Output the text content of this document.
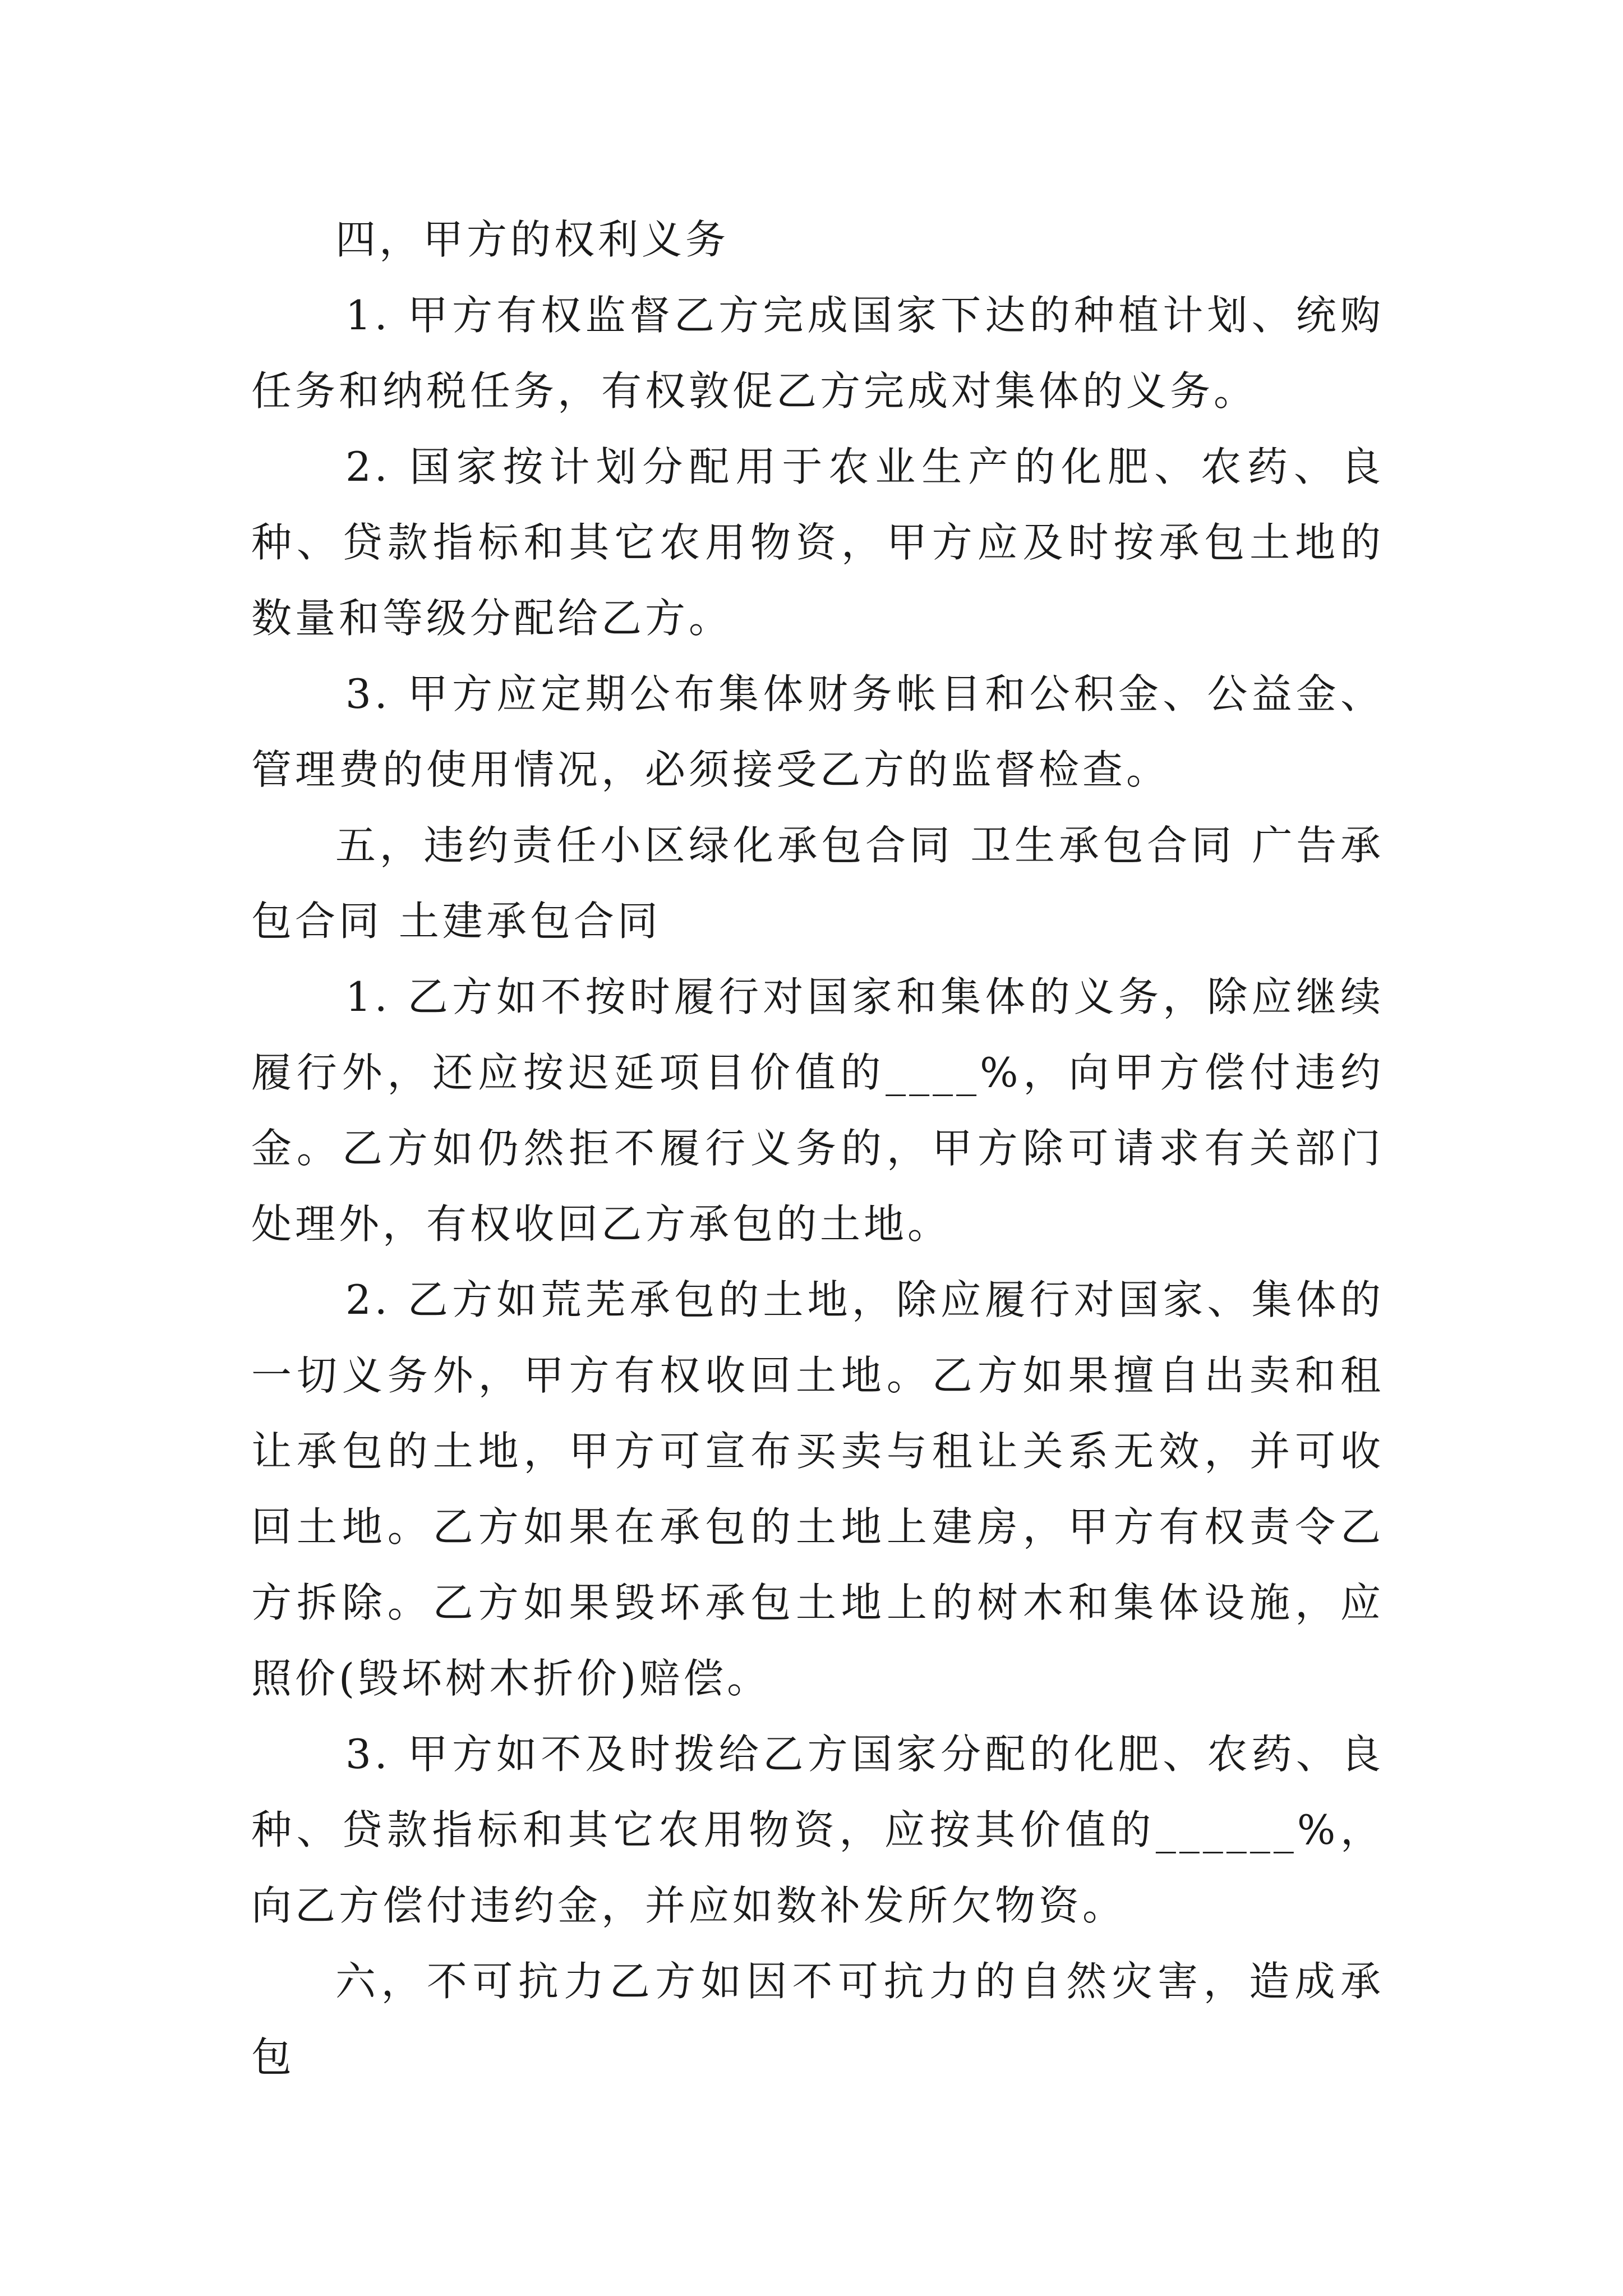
四，甲方的权利义务

1. 甲方有权监督乙方完成国家下达的种植计划、统购任务和纳税任务，有权敦促乙方完成对集体的义务。

2. 国家按计划分配用于农业生产的化肥、农药、良种、贷款指标和其它农用物资，甲方应及时按承包土地的数量和等级分配给乙方。

3. 甲方应定期公布集体财务帐目和公积金、公益金、管理费的使用情况，必须接受乙方的监督检查。

五，违约责任小区绿化承包合同 卫生承包合同 广告承包合同 土建承包合同

1. 乙方如不按时履行对国家和集体的义务，除应继续履行外，还应按迟延项目价值的____%，向甲方偿付违约金。乙方如仍然拒不履行义务的，甲方除可请求有关部门处理外，有权收回乙方承包的土地。

2. 乙方如荒芜承包的土地，除应履行对国家、集体的一切义务外，甲方有权收回土地。乙方如果擅自出卖和租让承包的土地，甲方可宣布买卖与租让关系无效，并可收回土地。乙方如果在承包的土地上建房，甲方有权责令乙方拆除。乙方如果毁坏承包土地上的树木和集体设施，应照价(毁坏树木折价)赔偿。

3. 甲方如不及时拨给乙方国家分配的化肥、农药、良种、贷款指标和其它农用物资，应按其价值的______%，向乙方偿付违约金，并应如数补发所欠物资。

六，不可抗力乙方如因不可抗力的自然灾害，造成承包
